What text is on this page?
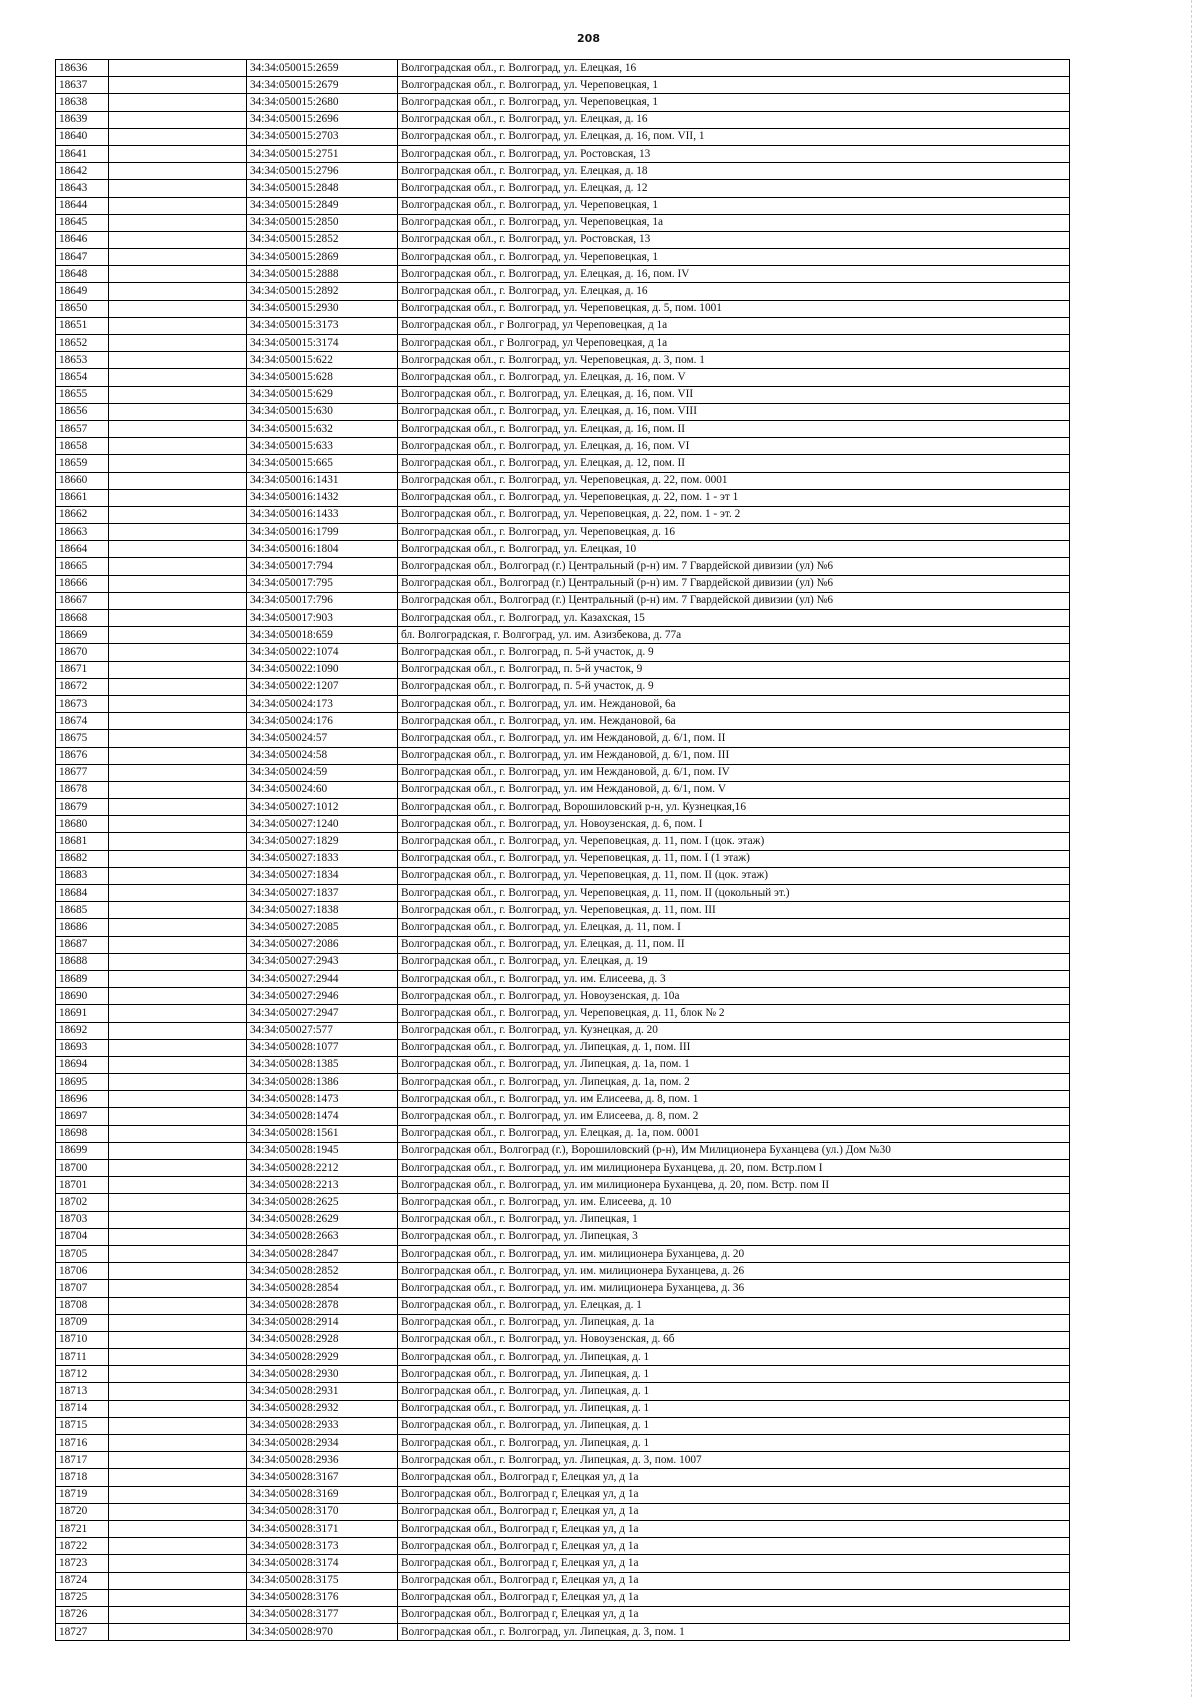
208
18636		34:34:050015:2659	Волгоградская обл., г. Волгоград, ул. Елецкая, 16
18637		34:34:050015:2679	Волгоградская обл., г. Волгоград, ул. Череповецкая, 1
18638		34:34:050015:2680	Волгоградская обл., г. Волгоград, ул. Череповецкая, 1
18639		34:34:050015:2696	Волгоградская обл., г. Волгоград, ул. Елецкая, д. 16
18640		34:34:050015:2703	Волгоградская обл., г. Волгоград, ул. Елецкая, д. 16, пом. VII, 1
18641		34:34:050015:2751	Волгоградская обл., г. Волгоград, ул. Ростовская, 13
18642		34:34:050015:2796	Волгоградская обл., г. Волгоград, ул. Елецкая, д. 18
18643		34:34:050015:2848	Волгоградская обл., г. Волгоград, ул. Елецкая, д. 12
18644		34:34:050015:2849	Волгоградская обл., г. Волгоград, ул. Череповецкая, 1
18645		34:34:050015:2850	Волгоградская обл., г. Волгоград, ул. Череповецкая, 1а
18646		34:34:050015:2852	Волгоградская обл., г. Волгоград, ул. Ростовская, 13
18647		34:34:050015:2869	Волгоградская обл., г. Волгоград, ул. Череповецкая, 1
18648		34:34:050015:2888	Волгоградская обл., г. Волгоград, ул. Елецкая, д. 16, пом. IV
18649		34:34:050015:2892	Волгоградская обл., г. Волгоград, ул. Елецкая, д. 16
18650		34:34:050015:2930	Волгоградская обл., г. Волгоград, ул. Череповецкая, д. 5, пом. 1001
18651		34:34:050015:3173	Волгоградская обл., г Волгоград, ул Череповецкая, д 1а
18652		34:34:050015:3174	Волгоградская обл., г Волгоград, ул Череповецкая, д 1а
18653		34:34:050015:622	Волгоградская обл., г. Волгоград, ул. Череповецкая, д. 3, пом. 1
18654		34:34:050015:628	Волгоградская обл., г. Волгоград, ул. Елецкая, д. 16, пом. V
18655		34:34:050015:629	Волгоградская обл., г. Волгоград, ул. Елецкая, д. 16, пом. VII
18656		34:34:050015:630	Волгоградская обл., г. Волгоград, ул. Елецкая, д. 16, пом. VIII
18657		34:34:050015:632	Волгоградская обл., г. Волгоград, ул. Елецкая, д. 16, пом. II
18658		34:34:050015:633	Волгоградская обл., г. Волгоград, ул. Елецкая, д. 16, пом. VI
18659		34:34:050015:665	Волгоградская обл., г. Волгоград, ул. Елецкая, д. 12, пом. II
18660		34:34:050016:1431	Волгоградская обл., г. Волгоград, ул. Череповецкая, д. 22, пом. 0001
18661		34:34:050016:1432	Волгоградская обл., г. Волгоград, ул. Череповецкая, д. 22, пом. 1 - эт 1
18662		34:34:050016:1433	Волгоградская обл., г. Волгоград, ул. Череповецкая, д. 22, пом. 1 - эт. 2
18663		34:34:050016:1799	Волгоградская обл., г. Волгоград, ул. Череповецкая, д. 16
18664		34:34:050016:1804	Волгоградская обл., г. Волгоград, ул. Елецкая, 10
18665		34:34:050017:794	Волгоградская обл., Волгоград (г.) Центральный (р-н) им. 7 Гвардейской дивизии (ул) №6
18666		34:34:050017:795	Волгоградская обл., Волгоград (г.) Центральный (р-н) им. 7 Гвардейской дивизии (ул) №6
18667		34:34:050017:796	Волгоградская обл., Волгоград (г.) Центральный (р-н) им. 7 Гвардейской дивизии (ул) №6
18668		34:34:050017:903	Волгоградская обл., г. Волгоград, ул. Казахская, 15
18669		34:34:050018:659	бл. Волгоградская, г. Волгоград, ул. им. Азизбекова, д. 77а
18670		34:34:050022:1074	Волгоградская обл., г. Волгоград, п. 5-й участок, д. 9
18671		34:34:050022:1090	Волгоградская обл., г. Волгоград, п. 5-й участок, 9
18672		34:34:050022:1207	Волгоградская обл., г. Волгоград, п. 5-й участок, д. 9
18673		34:34:050024:173	Волгоградская обл., г. Волгоград, ул. им. Неждановой, 6а
18674		34:34:050024:176	Волгоградская обл., г. Волгоград, ул. им. Неждановой, 6а
18675		34:34:050024:57	Волгоградская обл., г. Волгоград, ул. им Неждановой, д. 6/1, пом. II
18676		34:34:050024:58	Волгоградская обл., г. Волгоград, ул. им Неждановой, д. 6/1, пом. III
18677		34:34:050024:59	Волгоградская обл., г. Волгоград, ул. им Неждановой, д. 6/1, пом. IV
18678		34:34:050024:60	Волгоградская обл., г. Волгоград, ул. им Неждановой, д. 6/1, пом. V
18679		34:34:050027:1012	Волгоградская обл., г. Волгоград, Ворошиловский р-н, ул. Кузнецкая,16
18680		34:34:050027:1240	Волгоградская обл., г. Волгоград, ул. Новоузенская, д. 6, пом. I
18681		34:34:050027:1829	Волгоградская обл., г. Волгоград, ул. Череповецкая, д. 11, пом. I (цок. этаж)
18682		34:34:050027:1833	Волгоградская обл., г. Волгоград, ул. Череповецкая, д. 11, пом. I (1 этаж)
18683		34:34:050027:1834	Волгоградская обл., г. Волгоград, ул. Череповецкая, д. 11, пом. II (цок. этаж)
18684		34:34:050027:1837	Волгоградская обл., г. Волгоград, ул. Череповецкая, д. 11, пом. II (цокольный эт.)
18685		34:34:050027:1838	Волгоградская обл., г. Волгоград, ул. Череповецкая, д. 11, пом. III
18686		34:34:050027:2085	Волгоградская обл., г. Волгоград, ул. Елецкая, д. 11, пом. I
18687		34:34:050027:2086	Волгоградская обл., г. Волгоград, ул. Елецкая, д. 11, пом. II
18688		34:34:050027:2943	Волгоградская обл., г. Волгоград, ул. Елецкая, д. 19
18689		34:34:050027:2944	Волгоградская обл., г. Волгоград, ул. им. Елисеева, д. 3
18690		34:34:050027:2946	Волгоградская обл., г. Волгоград, ул. Новоузенская, д. 10а
18691		34:34:050027:2947	Волгоградская обл., г. Волгоград, ул. Череповецкая, д. 11, блок № 2
18692		34:34:050027:577	Волгоградская обл., г. Волгоград, ул. Кузнецкая, д. 20
18693		34:34:050028:1077	Волгоградская обл., г. Волгоград, ул. Липецкая, д. 1, пом. III
18694		34:34:050028:1385	Волгоградская обл., г. Волгоград, ул. Липецкая, д. 1а, пом. 1
18695		34:34:050028:1386	Волгоградская обл., г. Волгоград, ул. Липецкая, д. 1а, пом. 2
18696		34:34:050028:1473	Волгоградская обл., г. Волгоград, ул. им Елисеева, д. 8, пом. 1
18697		34:34:050028:1474	Волгоградская обл., г. Волгоград, ул. им Елисеева, д. 8, пом. 2
18698		34:34:050028:1561	Волгоградская обл., г. Волгоград, ул. Елецкая, д. 1а, пом. 0001
18699		34:34:050028:1945	Волгоградская обл., Волгоград (г.), Ворошиловский (р-н), Им Милиционера Буханцева (ул.) Дом №30
18700		34:34:050028:2212	Волгоградская обл., г. Волгоград, ул. им милиционера Буханцева, д. 20, пом. Встр.пом I
18701		34:34:050028:2213	Волгоградская обл., г. Волгоград, ул. им милиционера Буханцева, д. 20, пом. Встр. пом II
18702		34:34:050028:2625	Волгоградская обл., г. Волгоград, ул. им. Елисеева, д. 10
18703		34:34:050028:2629	Волгоградская обл., г. Волгоград, ул. Липецкая, 1
18704		34:34:050028:2663	Волгоградская обл., г. Волгоград, ул. Липецкая, 3
18705		34:34:050028:2847	Волгоградская обл., г. Волгоград, ул. им. милиционера Буханцева, д. 20
18706		34:34:050028:2852	Волгоградская обл., г. Волгоград, ул. им. милиционера Буханцева, д. 26
18707		34:34:050028:2854	Волгоградская обл., г. Волгоград, ул. им. милиционера Буханцева, д. 36
18708		34:34:050028:2878	Волгоградская обл., г. Волгоград, ул. Елецкая, д. 1
18709		34:34:050028:2914	Волгоградская обл., г. Волгоград, ул. Липецкая, д. 1а
18710		34:34:050028:2928	Волгоградская обл., г. Волгоград, ул. Новоузенская, д. 6б
18711		34:34:050028:2929	Волгоградская обл., г. Волгоград, ул. Липецкая, д. 1
18712		34:34:050028:2930	Волгоградская обл., г. Волгоград, ул. Липецкая, д. 1
18713		34:34:050028:2931	Волгоградская обл., г. Волгоград, ул. Липецкая, д. 1
18714		34:34:050028:2932	Волгоградская обл., г. Волгоград, ул. Липецкая, д. 1
18715		34:34:050028:2933	Волгоградская обл., г. Волгоград, ул. Липецкая, д. 1
18716		34:34:050028:2934	Волгоградская обл., г. Волгоград, ул. Липецкая, д. 1
18717		34:34:050028:2936	Волгоградская обл., г. Волгоград, ул. Липецкая, д. 3, пом. 1007
18718		34:34:050028:3167	Волгоградская обл., Волгоград г, Елецкая ул, д 1а
18719		34:34:050028:3169	Волгоградская обл., Волгоград г, Елецкая ул, д 1а
18720		34:34:050028:3170	Волгоградская обл., Волгоград г, Елецкая ул, д 1а
18721		34:34:050028:3171	Волгоградская обл., Волгоград г, Елецкая ул, д 1а
18722		34:34:050028:3173	Волгоградская обл., Волгоград г, Елецкая ул, д 1а
18723		34:34:050028:3174	Волгоградская обл., Волгоград г, Елецкая ул, д 1а
18724		34:34:050028:3175	Волгоградская обл., Волгоград г, Елецкая ул, д 1а
18725		34:34:050028:3176	Волгоградская обл., Волгоград г, Елецкая ул, д 1а
18726		34:34:050028:3177	Волгоградская обл., Волгоград г, Елецкая ул, д 1а
18727		34:34:050028:970	Волгоградская обл., г. Волгоград, ул. Липецкая, д. 3, пом. 1
